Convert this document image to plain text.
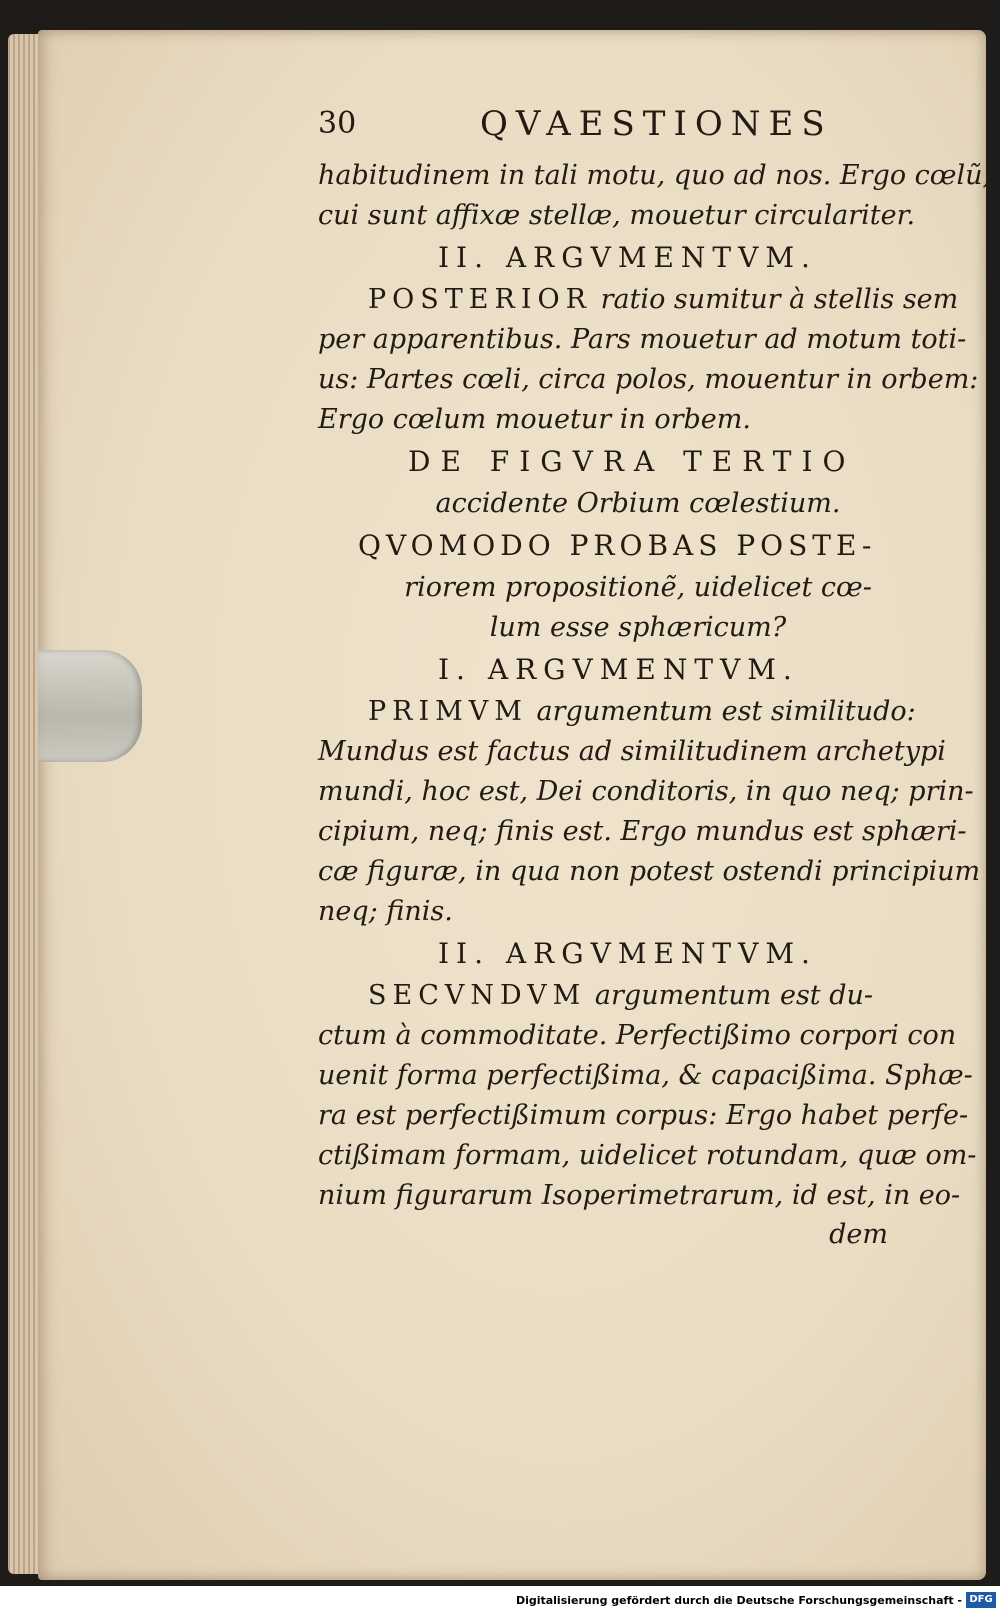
30	QVAESTIONES
habitudinem in tali motu, quo ad nos. Ergo cœlũ,
cui sunt affixæ stellæ, mouetur circulariter.
II. ARGVMENTVM.
POSTERIOR ratio sumitur à stellis sem
per apparentibus. Pars mouetur ad motum toti-
us: Partes cœli, circa polos, mouentur in orbem:
Ergo cœlum mouetur in orbem.
DE FIGVRA TERTIO
accidente Orbium cœlestium.
QVOMODO PROBAS POSTE-
riorem propositionẽ, uidelicet cœ-
lum esse sphæricum?
I. ARGVMENTVM.
PRIMVM argumentum est similitudo:
Mundus est factus ad similitudinem archetypi
mundi, hoc est, Dei conditoris, in quo neq; prin-
cipium, neq; finis est. Ergo mundus est sphæri-
cæ figuræ, in qua non potest ostendi principium
neq; finis.
II. ARGVMENTVM.
SECVNDVM argumentum est du-
ctum à commoditate. Perfectißimo corpori con
uenit forma perfectißima, & capacißima. Sphæ-
ra est perfectißimum corpus: Ergo habet perfe-
ctißimam formam, uidelicet rotundam, quæ om-
nium figurarum Isoperimetrarum, id est, in eo-
dem
Digitalisierung gefördert durch die Deutsche Forschungsgemeinschaft - DFG
